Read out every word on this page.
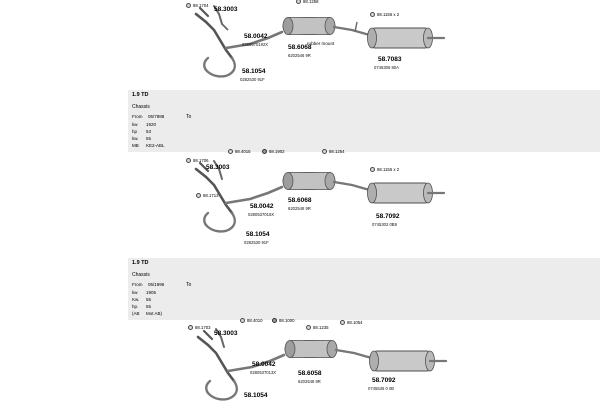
88.1704
88.1258
88.1156 x 2
rubber mount
58.3003
58.0042
0280570192X	58.6068
6202546 9R
58.1054
0282530 91F
58.7083
0746306 80A
1.9 TD
Chassis
From 05/7988	To
kw 1920
hp 53
kw. 55
MB KE2-ABL
88.1706
88.4015	88.1902	88.1254
88.1713
88.1155 x 2
58.3003
58.0042
0280537016X
58.6068
6202548 9R
58.1054
0282530 91F
58.7092
0745302 0B9
1.9 TD
Chassis
From 05/1996	To
kw 1905
Kw. 55
hp. 55
(AB Mot AB)
88.1703
88.4010	88.1000
88.1235
88.1054
58.3003
58.0042
0280537013X	58.6058
6202548 9R	58.7092
0745536 0 0B
58.1054
